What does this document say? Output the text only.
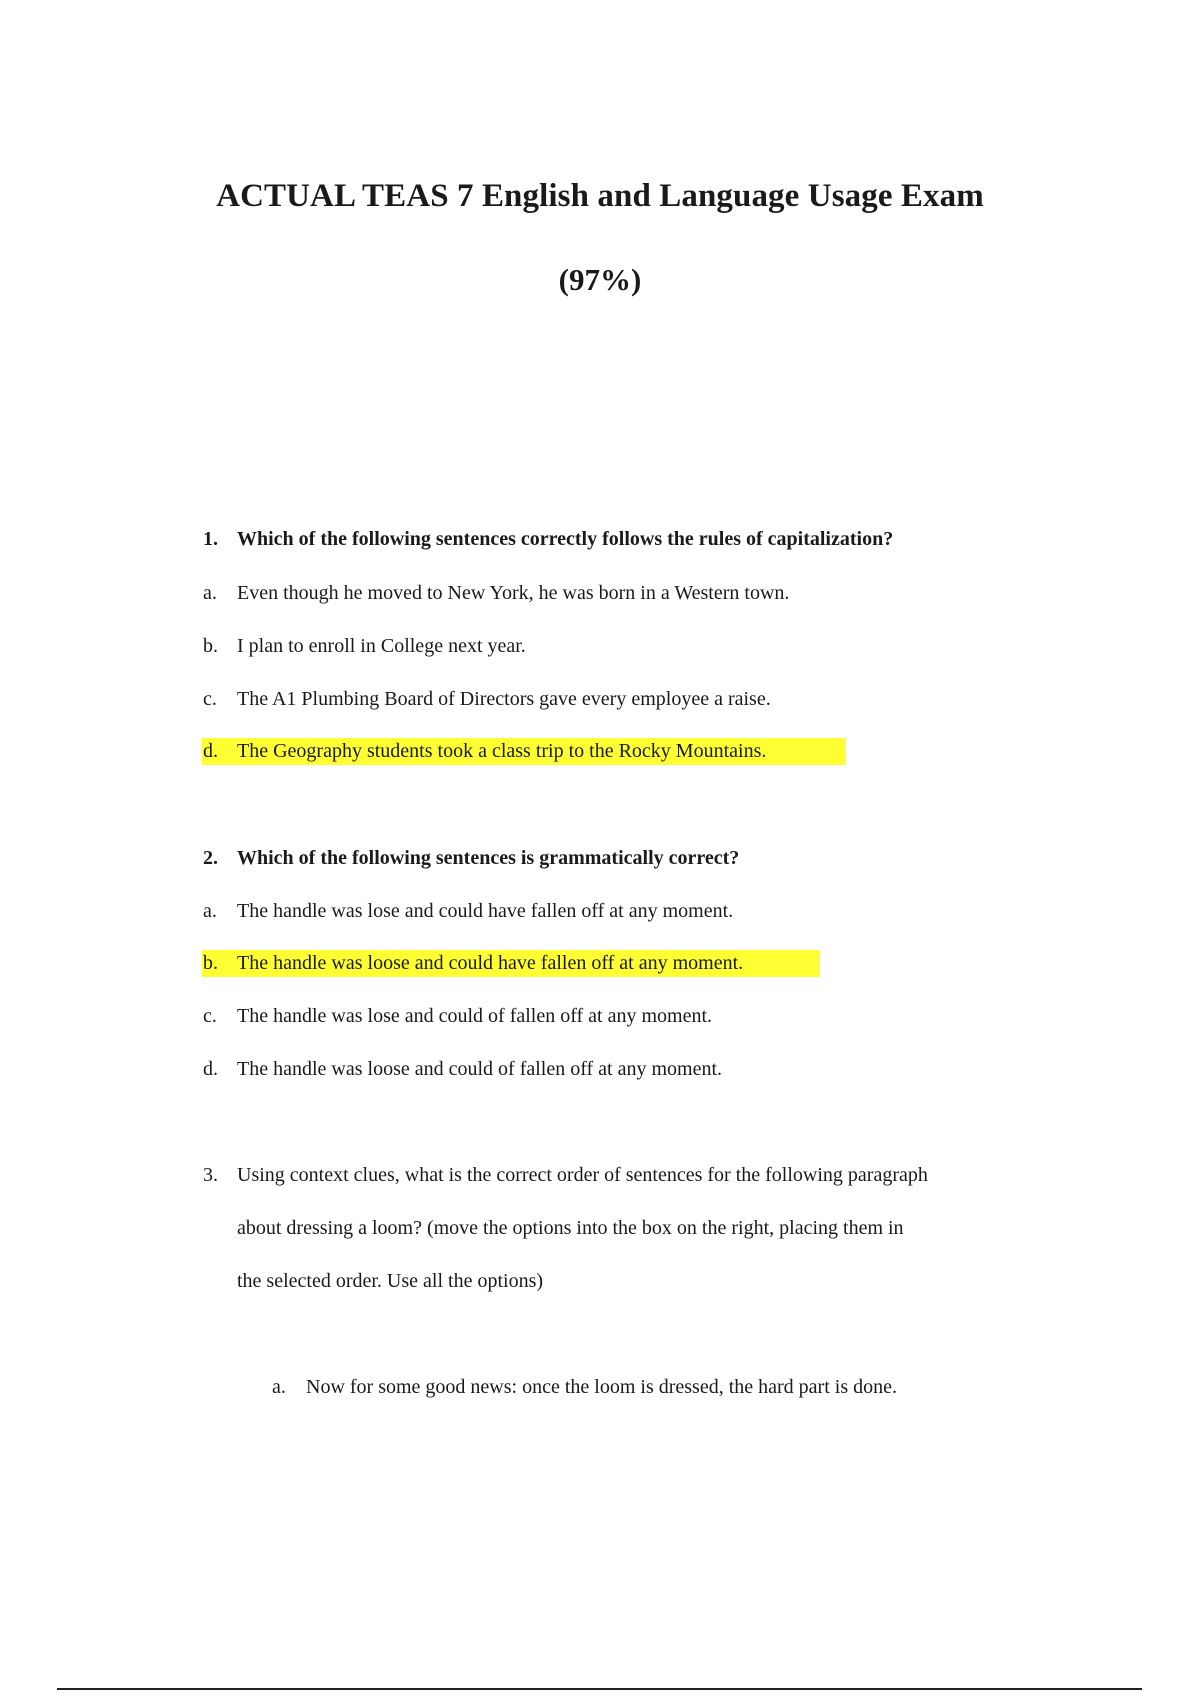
ACTUAL TEAS 7 English and Language Usage Exam
(97%)
1. Which of the following sentences correctly follows the rules of capitalization?
a. Even though he moved to New York, he was born in a Western town.
b. I plan to enroll in College next year.
c. The A1 Plumbing Board of Directors gave every employee a raise.
d. The Geography students took a class trip to the Rocky Mountains.
2. Which of the following sentences is grammatically correct?
a. The handle was lose and could have fallen off at any moment.
b. The handle was loose and could have fallen off at any moment.
c. The handle was lose and could of fallen off at any moment.
d. The handle was loose and could of fallen off at any moment.
3. Using context clues, what is the correct order of sentences for the following paragraph
about dressing a loom? (move the options into the box on the right, placing them in
the selected order. Use all the options)
a. Now for some good news: once the loom is dressed, the hard part is done.
